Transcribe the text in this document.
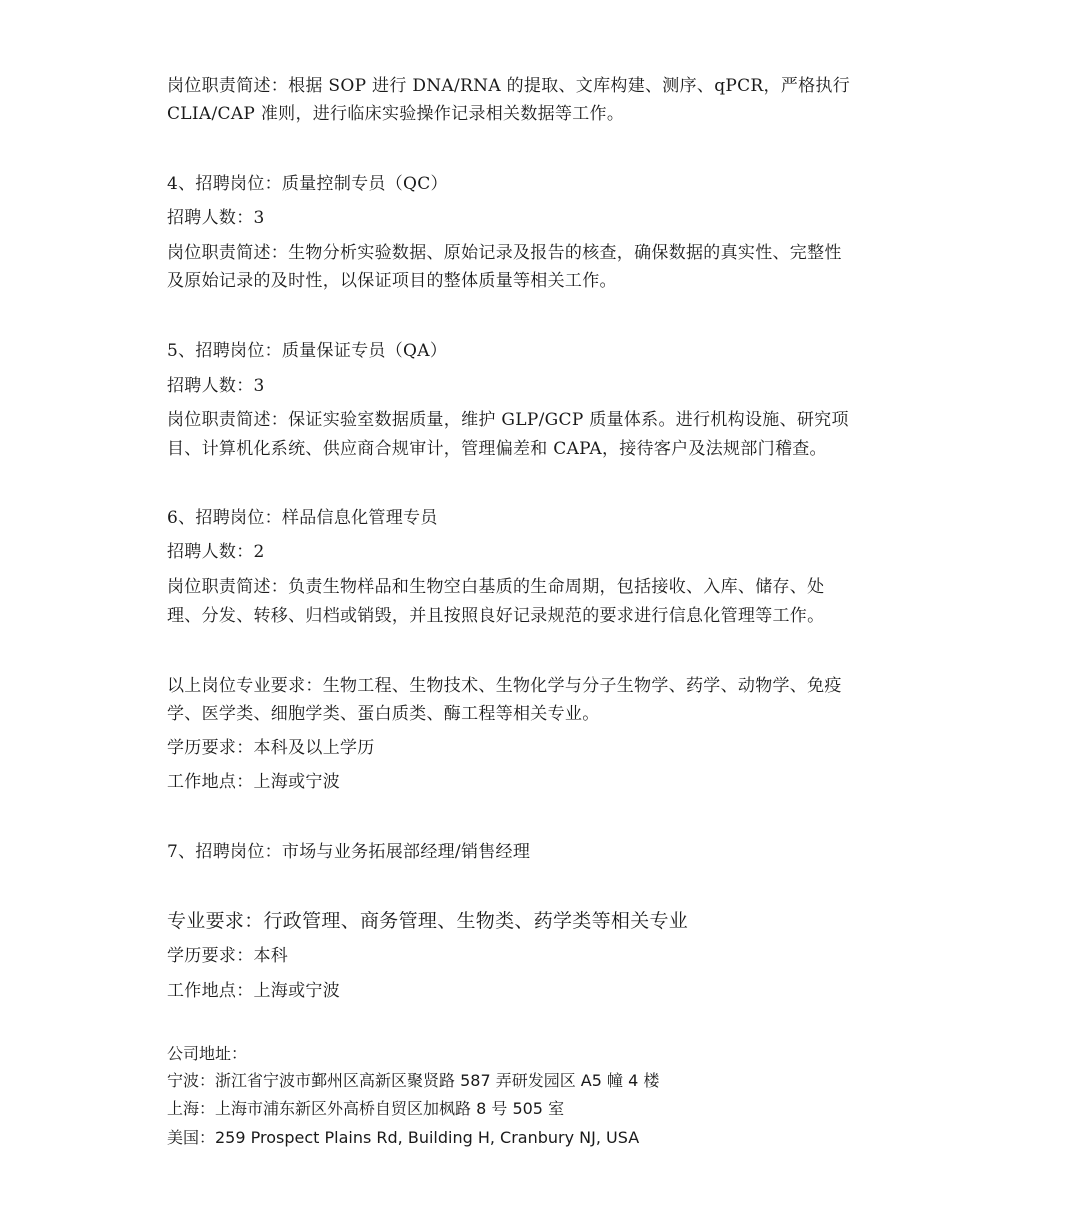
岗位职责简述：根据 SOP 进行 DNA/RNA 的提取、文库构建、测序、qPCR，严格执行
CLIA/CAP 准则，进行临床实验操作记录相关数据等工作。
4、招聘岗位：质量控制专员（QC）
招聘人数：3
岗位职责简述：生物分析实验数据、原始记录及报告的核查，确保数据的真实性、完整性
及原始记录的及时性，以保证项目的整体质量等相关工作。
5、招聘岗位：质量保证专员（QA）
招聘人数：3
岗位职责简述：保证实验室数据质量，维护 GLP/GCP 质量体系。进行机构设施、研究项
目、计算机化系统、供应商合规审计，管理偏差和 CAPA，接待客户及法规部门稽查。
6、招聘岗位：样品信息化管理专员
招聘人数：2
岗位职责简述：负责生物样品和生物空白基质的生命周期，包括接收、入库、储存、处
理、分发、转移、归档或销毁，并且按照良好记录规范的要求进行信息化管理等工作。
以上岗位专业要求：生物工程、生物技术、生物化学与分子生物学、药学、动物学、免疫
学、医学类、细胞学类、蛋白质类、酶工程等相关专业。
学历要求：本科及以上学历
工作地点：上海或宁波
7、招聘岗位：市场与业务拓展部经理/销售经理
专业要求：行政管理、商务管理、生物类、药学类等相关专业
学历要求：本科
工作地点：上海或宁波
公司地址：
宁波：浙江省宁波市鄞州区高新区聚贤路 587 弄研发园区 A5 幢 4 楼
上海：上海市浦东新区外高桥自贸区加枫路 8 号 505 室
美国：259 Prospect Plains Rd, Building H, Cranbury NJ, USA
